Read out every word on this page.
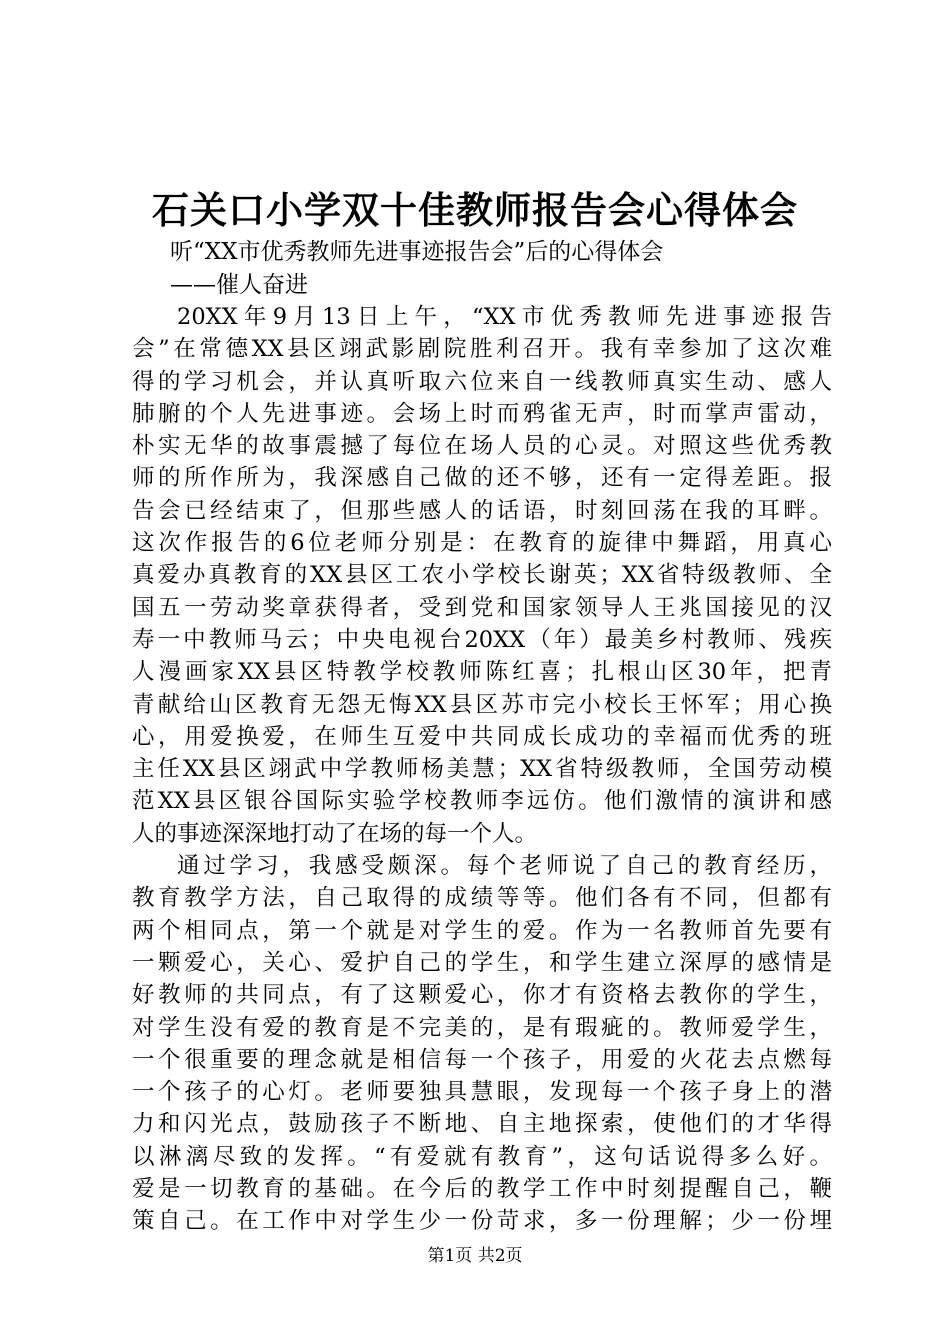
石关口小学双十佳教师报告会心得体会
听“XX市优秀教师先进事迹报告会”后的心得体会
——催人奋进
20XX年9月13日上午，“XX市优秀教师先进事迹报告
会”在常德XX县区翊武影剧院胜利召开。我有幸参加了这次难
得的学习机会，并认真听取六位来自一线教师真实生动、感人
肺腑的个人先进事迹。会场上时而鸦雀无声，时而掌声雷动，
朴实无华的故事震撼了每位在场人员的心灵。对照这些优秀教
师的所作所为，我深感自己做的还不够，还有一定得差距。报
告会已经结束了，但那些感人的话语，时刻回荡在我的耳畔。
这次作报告的6位老师分别是：在教育的旋律中舞蹈，用真心
真爱办真教育的XX县区工农小学校长谢英；XX省特级教师、全
国五一劳动奖章获得者，受到党和国家领导人王兆国接见的汉
寿一中教师马云；中央电视台20XX（年）最美乡村教师、残疾
人漫画家XX县区特教学校教师陈红喜；扎根山区30年，把青
青献给山区教育无怨无悔XX县区苏市完小校长王怀军；用心换
心，用爱换爱，在师生互爱中共同成长成功的幸福而优秀的班
主任XX县区翊武中学教师杨美慧；XX省特级教师，全国劳动模
范XX县区银谷国际实验学校教师李远仿。他们激情的演讲和感
人的事迹深深地打动了在场的每一个人。
通过学习，我感受颇深。每个老师说了自己的教育经历，
教育教学方法，自己取得的成绩等等。他们各有不同，但都有
两个相同点，第一个就是对学生的爱。作为一名教师首先要有
一颗爱心，关心、爱护自己的学生，和学生建立深厚的感情是
好教师的共同点，有了这颗爱心，你才有资格去教你的学生，
对学生没有爱的教育是不完美的，是有瑕疵的。教师爱学生，
一个很重要的理念就是相信每一个孩子，用爱的火花去点燃每
一个孩子的心灯。老师要独具慧眼，发现每一个孩子身上的潜
力和闪光点，鼓励孩子不断地、自主地探索，使他们的才华得
以淋漓尽致的发挥。“有爱就有教育”，这句话说得多么好。
爱是一切教育的基础。在今后的教学工作中时刻提醒自己，鞭
策自己。在工作中对学生少一份苛求，多一份理解；少一份埋
第1页 共2页
